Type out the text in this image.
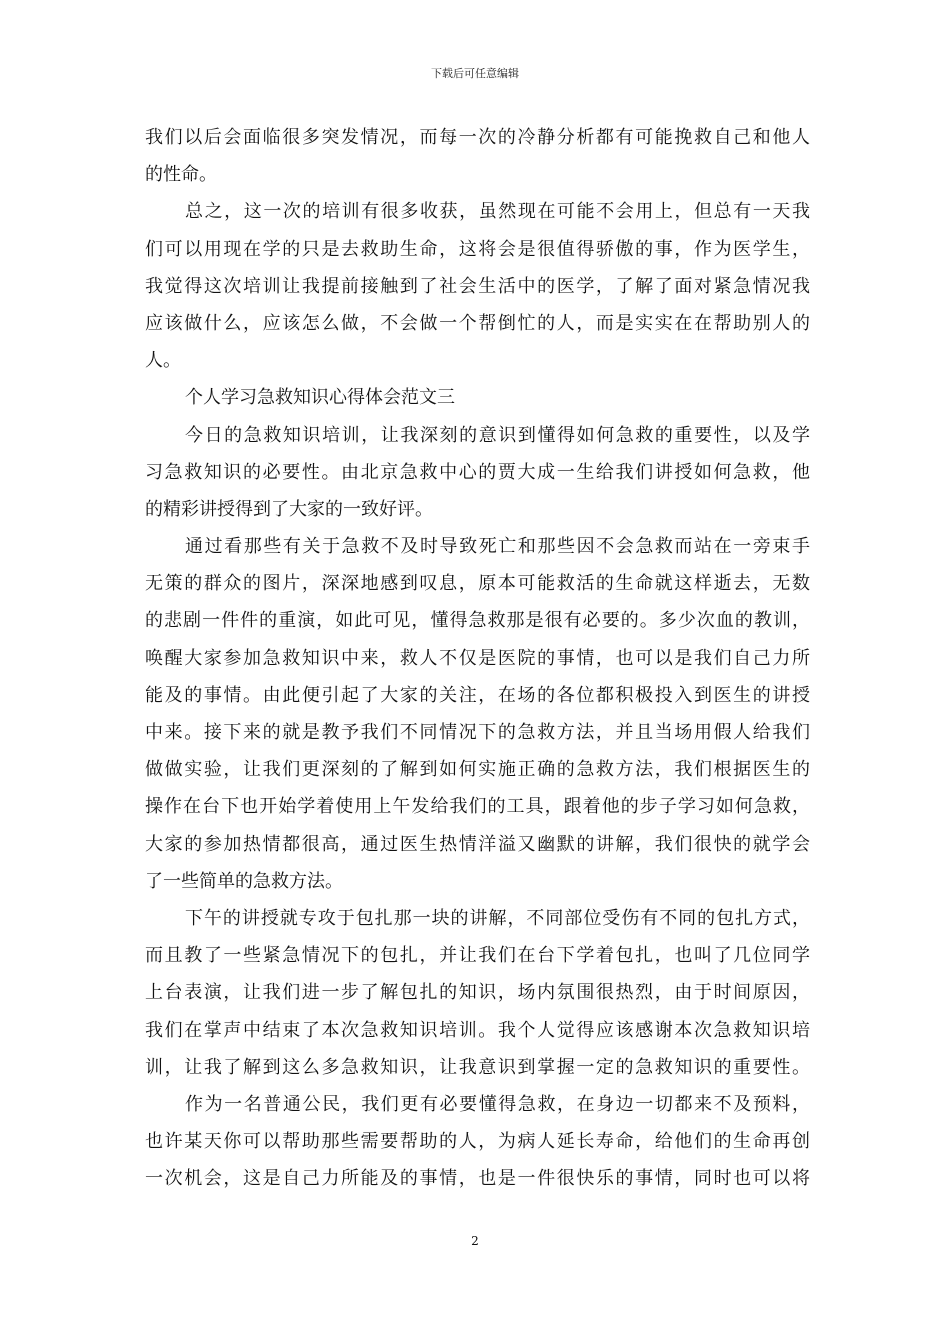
下载后可任意编辑
我们以后会面临很多突发情况，而每一次的冷静分析都有可能挽救自己和他人
的性命。
总之，这一次的培训有很多收获，虽然现在可能不会用上，但总有一天我
们可以用现在学的只是去救助生命，这将会是很值得骄傲的事，作为医学生，
我觉得这次培训让我提前接触到了社会生活中的医学，了解了面对紧急情况我
应该做什么，应该怎么做，不会做一个帮倒忙的人，而是实实在在帮助别人的
人。
个人学习急救知识心得体会范文三
今日的急救知识培训，让我深刻的意识到懂得如何急救的重要性，以及学
习急救知识的必要性。由北京急救中心的贾大成一生给我们讲授如何急救，他
的精彩讲授得到了大家的一致好评。
通过看那些有关于急救不及时导致死亡和那些因不会急救而站在一旁束手
无策的群众的图片，深深地感到叹息，原本可能救活的生命就这样逝去，无数
的悲剧一件件的重演，如此可见，懂得急救那是很有必要的。多少次血的教训，
唤醒大家参加急救知识中来，救人不仅是医院的事情，也可以是我们自己力所
能及的事情。由此便引起了大家的关注，在场的各位都积极投入到医生的讲授
中来。接下来的就是教予我们不同情况下的急救方法，并且当场用假人给我们
做做实验，让我们更深刻的了解到如何实施正确的急救方法，我们根据医生的
操作在台下也开始学着使用上午发给我们的工具，跟着他的步子学习如何急救，
大家的参加热情都很高，通过医生热情洋溢又幽默的讲解，我们很快的就学会
了一些简单的急救方法。
下午的讲授就专攻于包扎那一块的讲解，不同部位受伤有不同的包扎方式，
而且教了一些紧急情况下的包扎，并让我们在台下学着包扎，也叫了几位同学
上台表演，让我们进一步了解包扎的知识，场内氛围很热烈，由于时间原因，
我们在掌声中结束了本次急救知识培训。我个人觉得应该感谢本次急救知识培
训，让我了解到这么多急救知识，让我意识到掌握一定的急救知识的重要性。
作为一名普通公民，我们更有必要懂得急救，在身边一切都来不及预料，
也许某天你可以帮助那些需要帮助的人，为病人延长寿命，给他们的生命再创
一次机会，这是自己力所能及的事情，也是一件很快乐的事情，同时也可以将
2
